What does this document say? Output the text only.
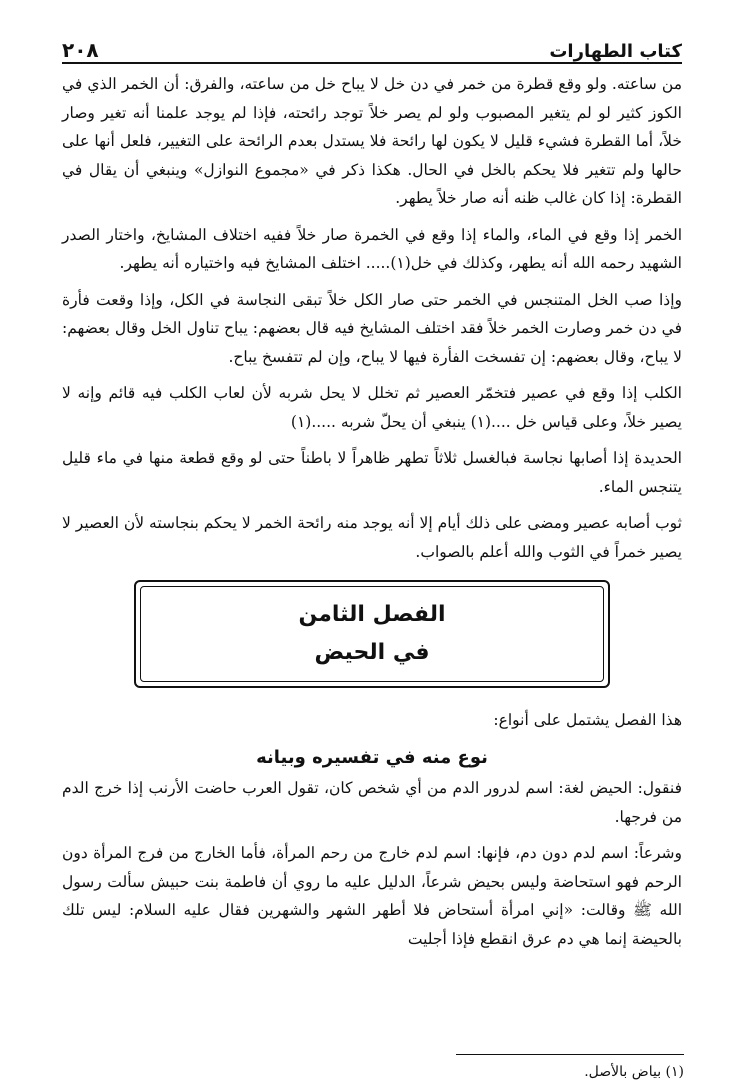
كتاب الطهارات
٢٠٨

من ساعته. ولو وقع قطرة من خمر في دن خل لا يباح خل من ساعته، والفرق: أن الخمر الذي في الكوز كثير لو لم يتغير المصبوب ولو لم يصر خلاً توجد رائحته، فإذا لم يوجد علمنا أنه تغير وصار خلاً، أما القطرة فشيء قليل لا يكون لها رائحة فلا يستدل بعدم الرائحة على التغيير، فلعل أنها على حالها ولم تتغير فلا يحكم بالخل في الحال. هكذا ذكر في «مجموع النوازل» وينبغي أن يقال في القطرة: إذا كان غالب ظنه أنه صار خلاً يطهر.

الخمر إذا وقع في الماء، والماء إذا وقع في الخمرة صار خلاً ففيه اختلاف المشايخ، واختار الصدر الشهيد رحمه الله أنه يطهر، وكذلك في خل(١)..... اختلف المشايخ فيه واختياره أنه يطهر.

وإذا صب الخل المتنجس في الخمر حتى صار الكل خلاً تبقى النجاسة في الكل، وإذا وقعت فأرة في دن خمر وصارت الخمر خلاً فقد اختلف المشايخ فيه قال بعضهم: يباح تناول الخل وقال بعضهم: لا يباح، وقال بعضهم: إن تفسخت الفأرة فيها لا يباح، وإن لم تتفسخ يباح.

الكلب إذا وقع في عصير فتخمّر العصير ثم تخلل لا يحل شربه لأن لعاب الكلب فيه قائم وإنه لا يصير خلاً، وعلى قياس خل ....(١) ينبغي أن يحلّ شربه .....(١)

الحديدة إذا أصابها نجاسة فبالغسل ثلاثاً تطهر ظاهراً لا باطناً حتى لو وقع قطعة منها في ماء قليل يتنجس الماء.

ثوب أصابه عصير ومضى على ذلك أيام إلا أنه يوجد منه رائحة الخمر لا يحكم بنجاسته لأن العصير لا يصير خمراً في الثوب والله أعلم بالصواب.

الفصل الثامن
في الحيض
هذا الفصل يشتمل على أنواع:
نوع منه في تفسيره وبيانه

فنقول: الحيض لغة: اسم لدرور الدم من أي شخص كان، تقول العرب حاضت الأرنب إذا خرج الدم من فرجها.

وشرعاً: اسم لدم دون دم، فإنها: اسم لدم خارج من رحم المرأة، فأما الخارج من فرج المرأة دون الرحم فهو استحاضة وليس بحيض شرعاً، الدليل عليه ما روي أن فاطمة بنت حبيش سألت رسول الله ﷺ وقالت: «إني امرأة أستحاض فلا أطهر الشهر والشهرين فقال عليه السلام: ليس تلك بالحيضة إنما هي دم عرق انقطع فإذا أجليت

(١) بياض بالأصل.
